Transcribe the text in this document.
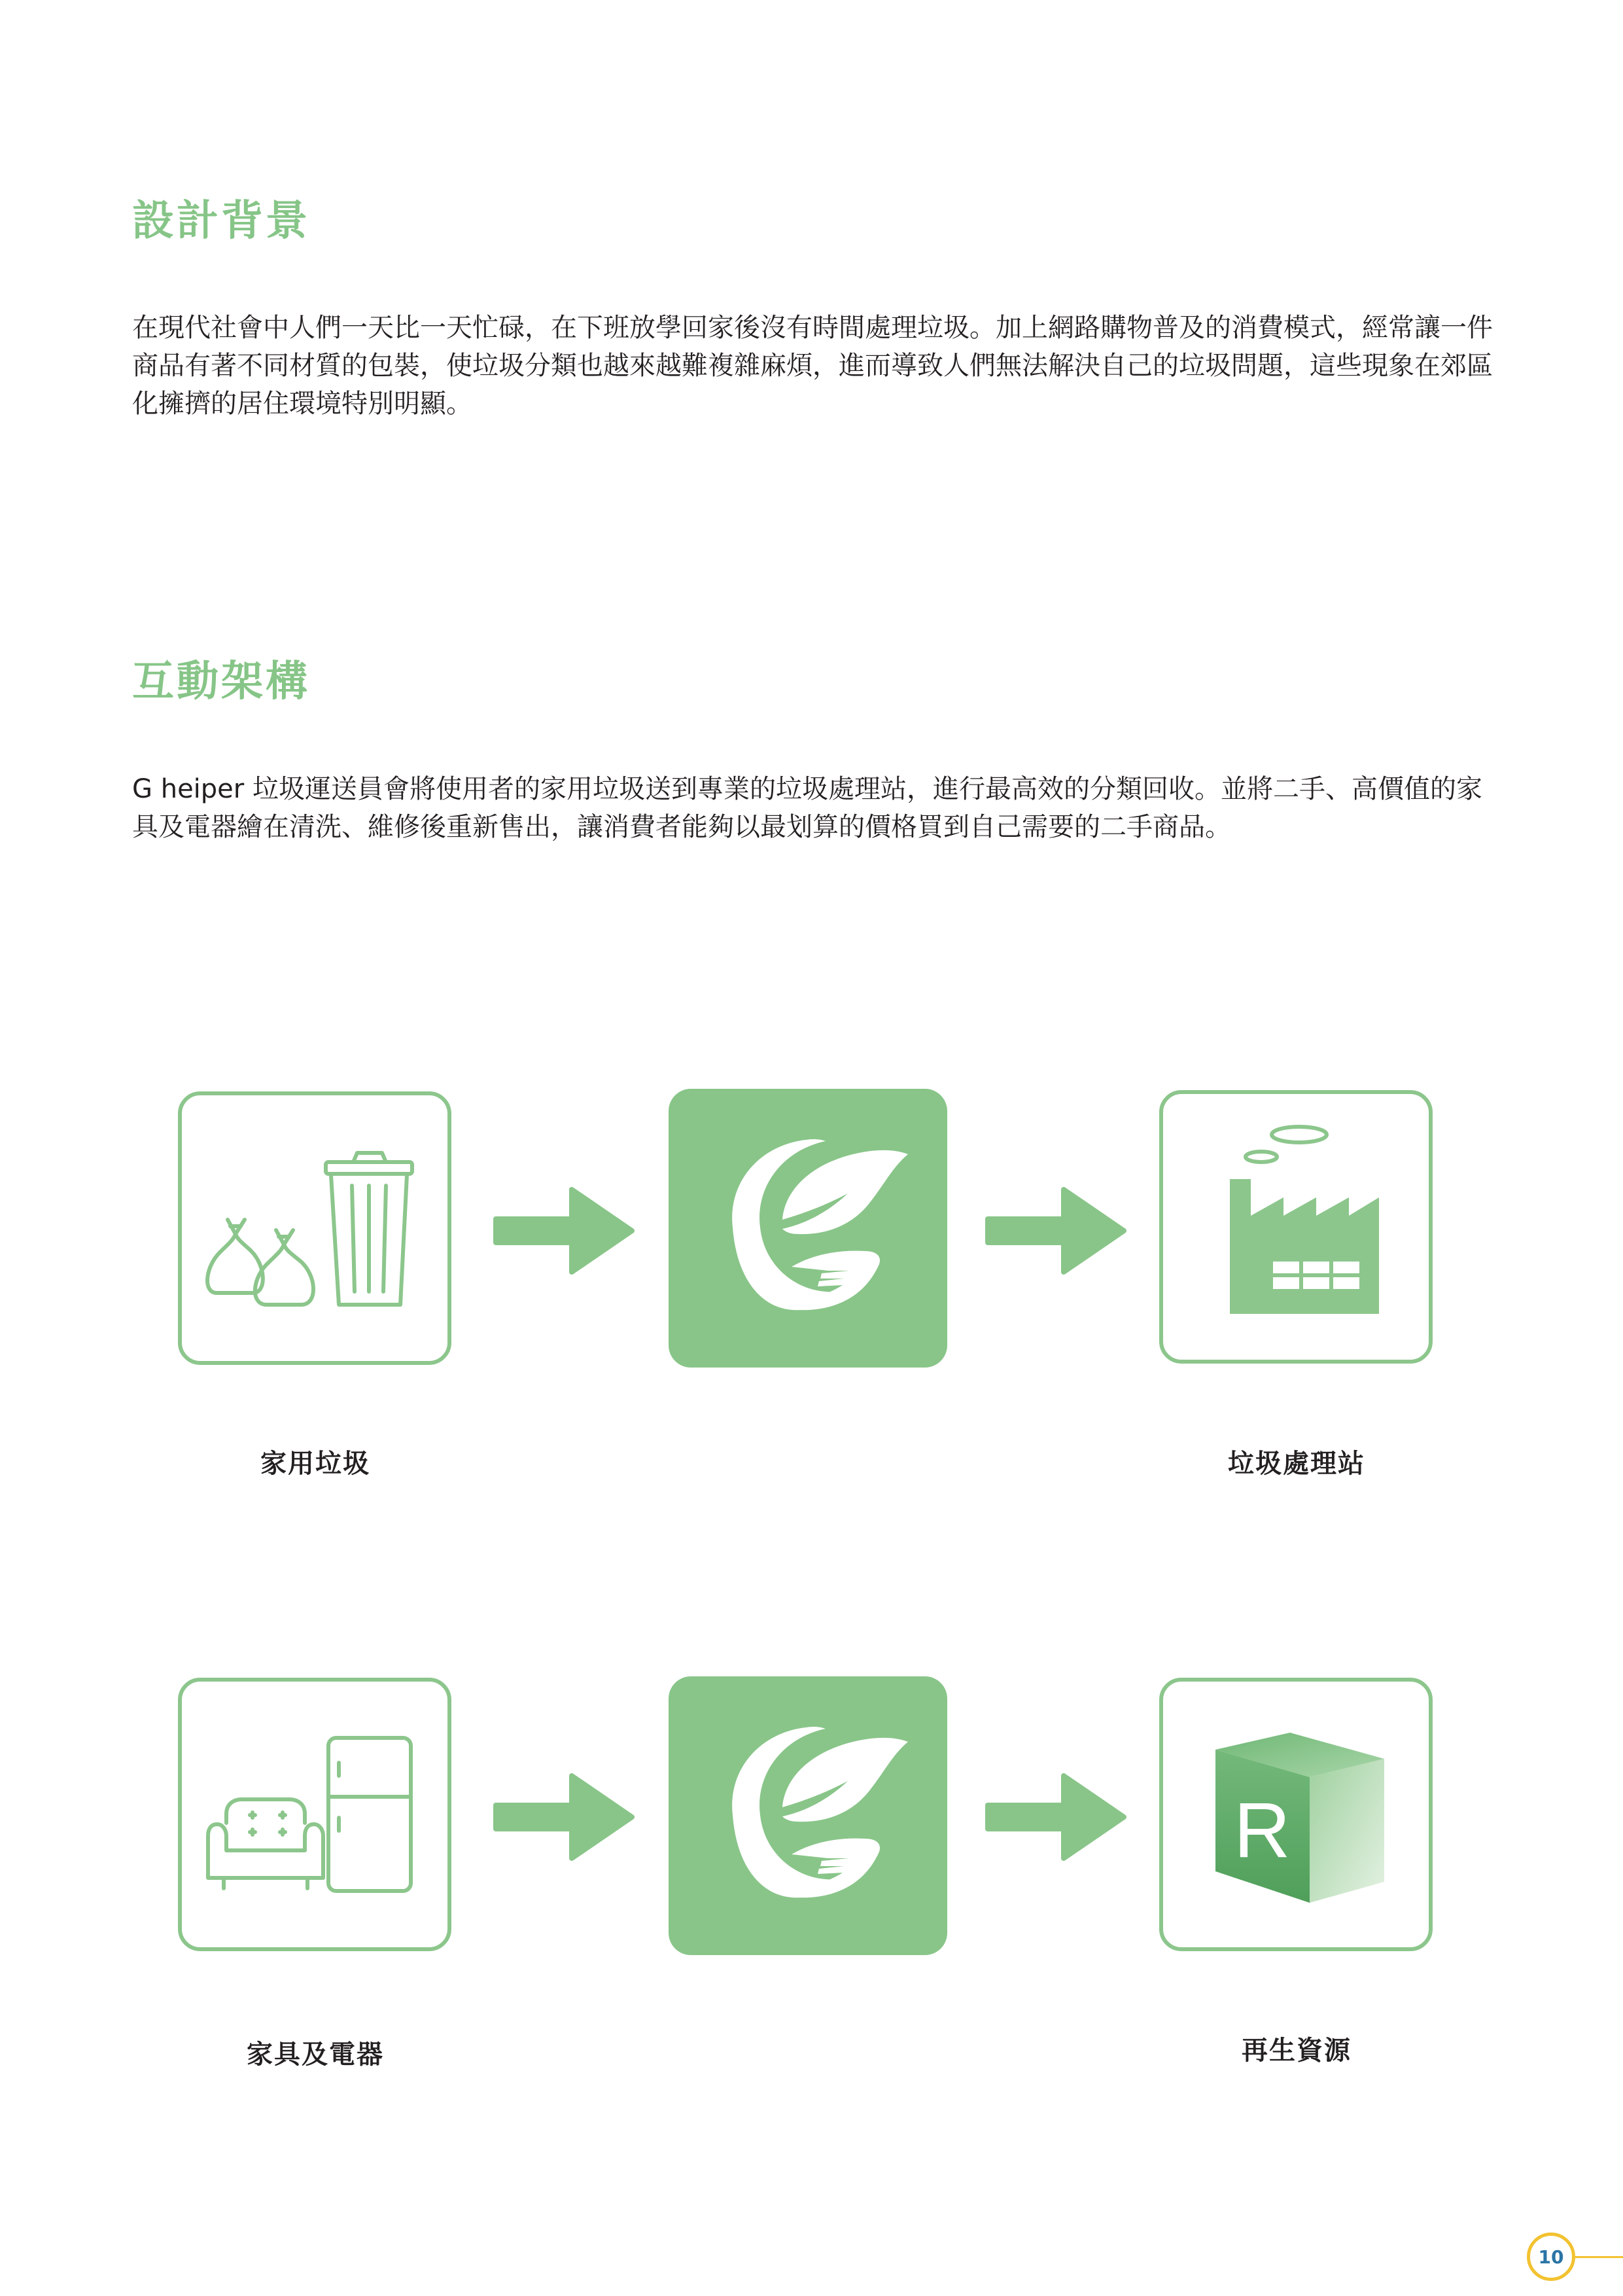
設計背景

在現代社會中人們一天比一天忙碌，在下班放學回家後沒有時間處理垃圾。加上網路購物普及的消費模式，經常讓一件商品有著不同材質的包裝，使垃圾分類也越來越難複雜麻煩，進而導致人們無法解決自己的垃圾問題，這些現象在郊區化擁擠的居住環境特別明顯。

互動架構

G heiper 垃圾運送員會將使用者的家用垃圾送到專業的垃圾處理站，進行最高效的分類回收。並將二手、高價值的家具及電器繪在清洗、維修後重新售出，讓消費者能夠以最划算的價格買到自己需要的二手商品。

家用垃圾	垃圾處理站
R
家具及電器	再生資源
10
